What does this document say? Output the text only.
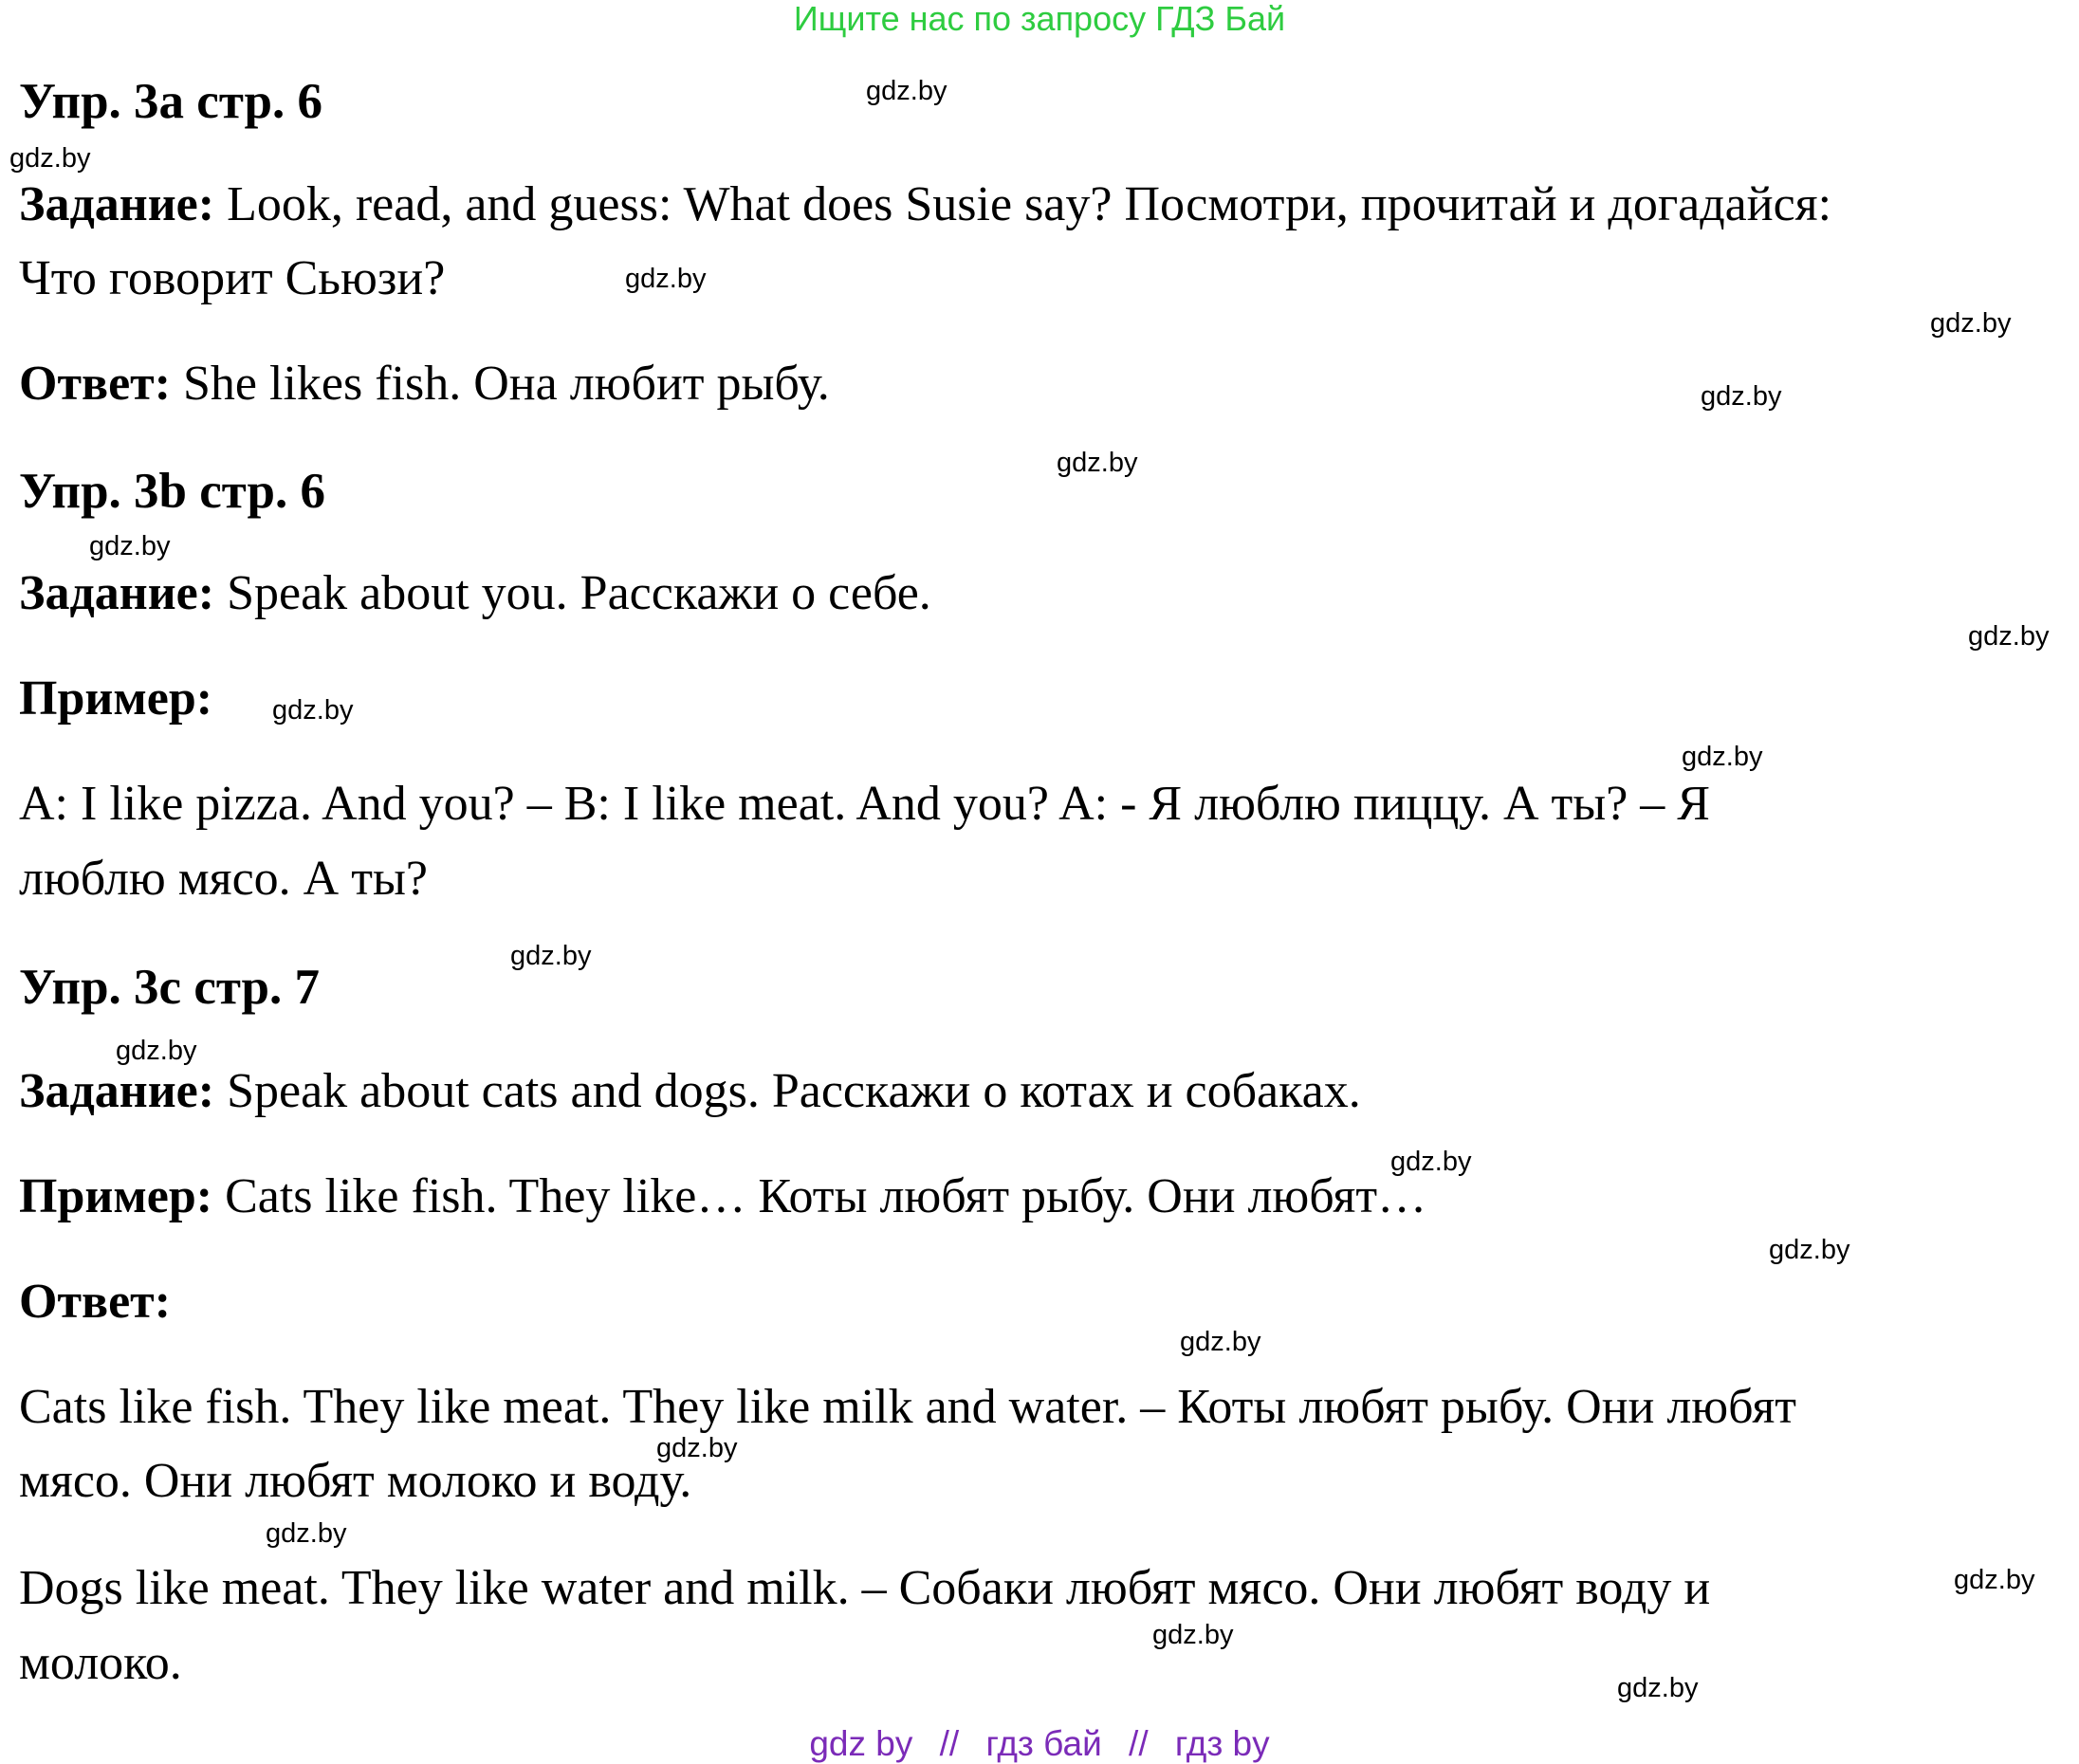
Ищите нас по запросу ГДЗ Бай
Упр. 3а стр. 6
Задание: Look, read, and guess: What does Susie say? Посмотри, прочитай и догадайся:
Что говорит Сьюзи?
Ответ: She likes fish. Она любит рыбу.
Упр. 3b стр. 6
Задание: Speak about you. Расскажи о себе.
Пример:
A: I like pizza. And you? – B: I like meat. And you? A: - Я люблю пиццу. А ты? – Я
люблю мясо. А ты?
Упр. 3с стр. 7
Задание: Speak about cats and dogs. Расскажи о котах и собаках.
Пример: Cats like fish. They like… Коты любят рыбу. Они любят…
Ответ:
Cats like fish. They like meat. They like milk and water. – Коты любят рыбу. Они любят
мясо. Они любят молоко и воду.
Dogs like meat. They like water and milk. – Собаки любят мясо. Они любят воду и
молоко.
gdz.by
gdz.by
gdz.by
gdz.by
gdz.by
gdz.by
gdz.by
gdz.by
gdz.by
gdz.by
gdz.by
gdz.by
gdz.by
gdz.by
gdz.by
gdz.by
gdz.by
gdz.by
gdz.by
gdz.by
gdz by // гдз бай // гдз by
